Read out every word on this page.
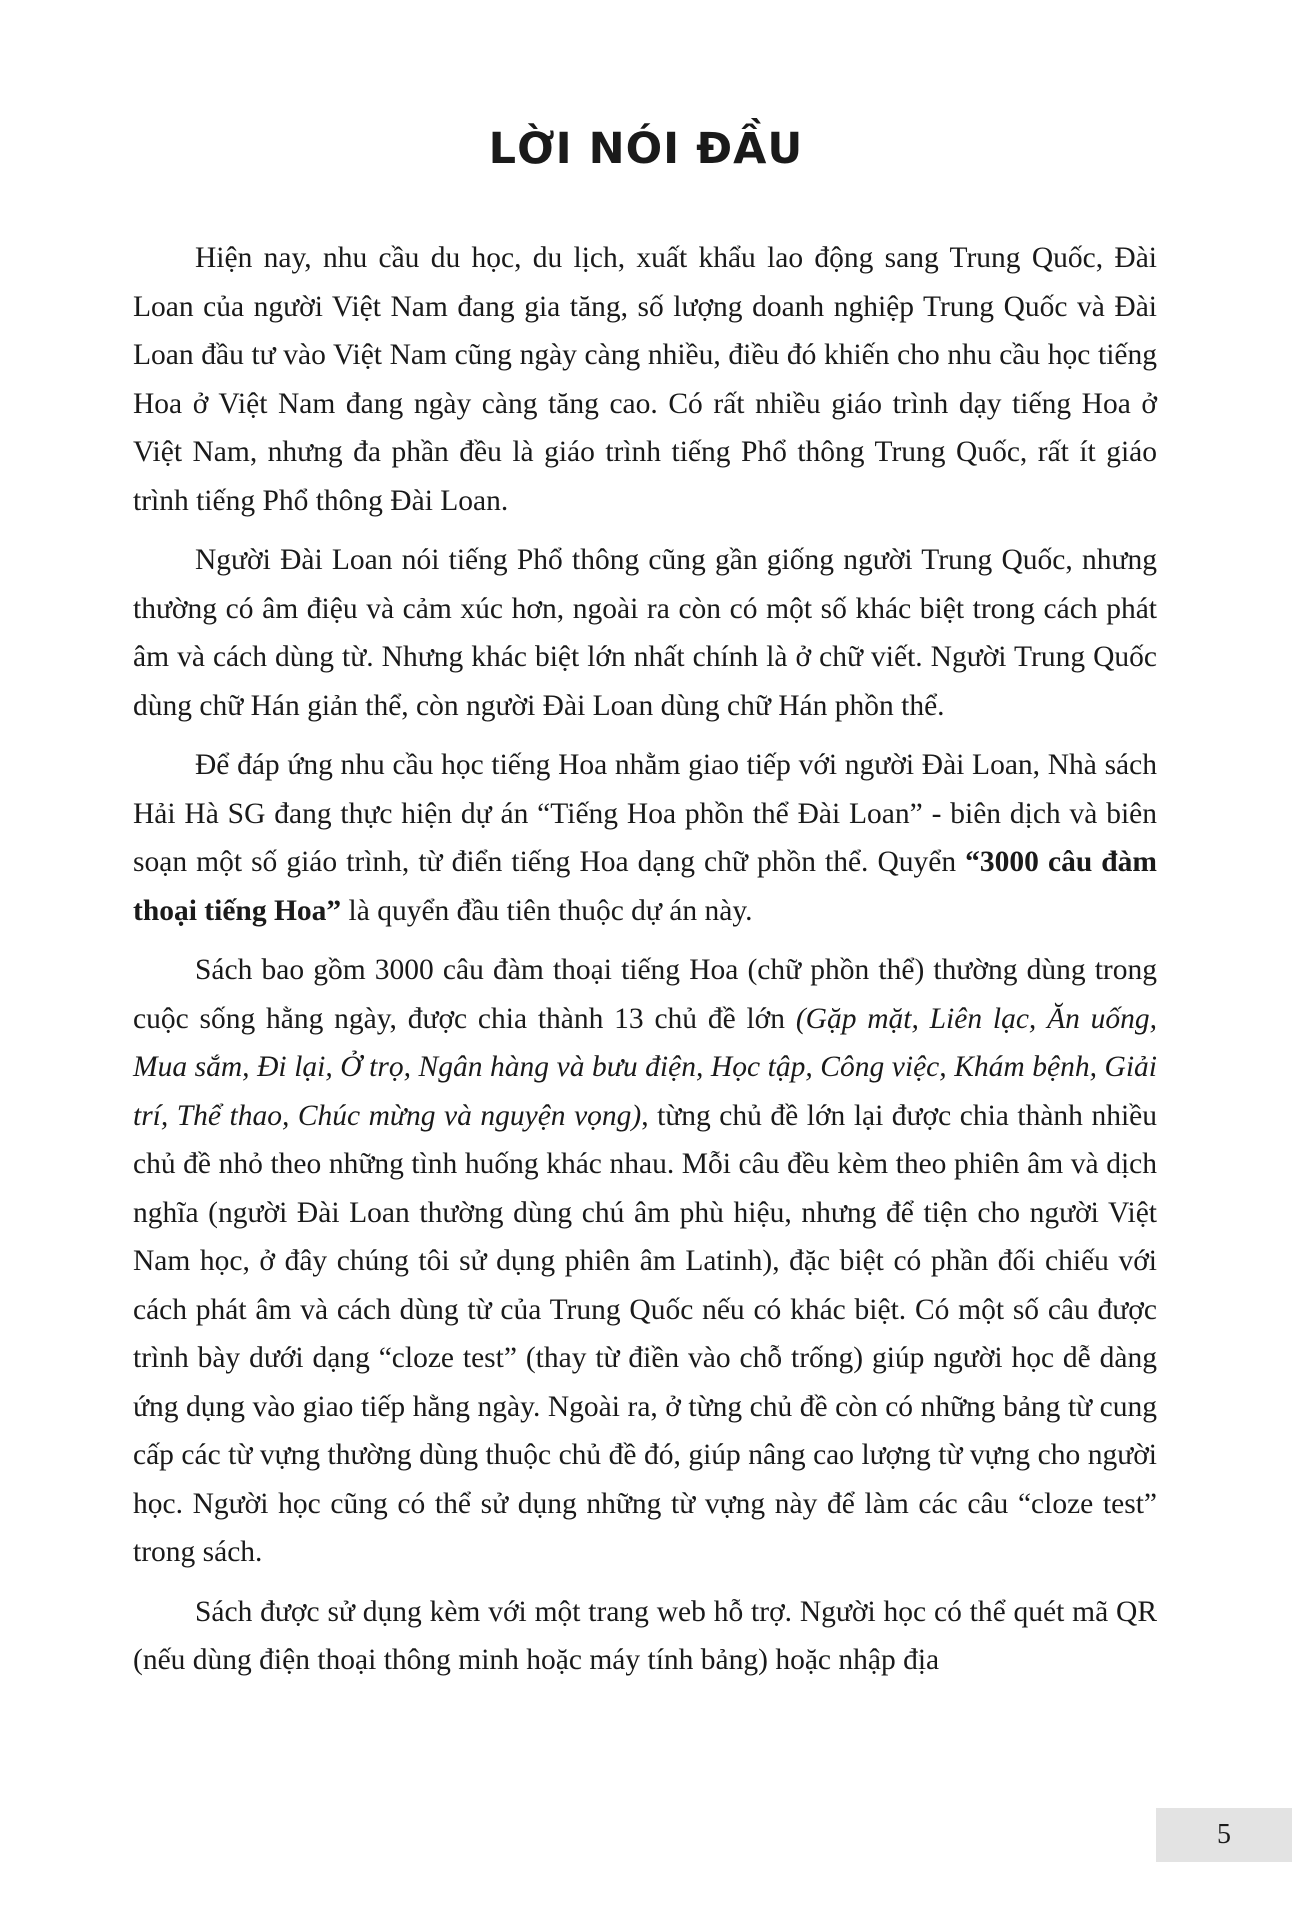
LỜI NÓI ĐẦU

Hiện nay, nhu cầu du học, du lịch, xuất khẩu lao động sang Trung Quốc, Đài Loan của người Việt Nam đang gia tăng, số lượng doanh nghiệp Trung Quốc và Đài Loan đầu tư vào Việt Nam cũng ngày càng nhiều, điều đó khiến cho nhu cầu học tiếng Hoa ở Việt Nam đang ngày càng tăng cao. Có rất nhiều giáo trình dạy tiếng Hoa ở Việt Nam, nhưng đa phần đều là giáo trình tiếng Phổ thông Trung Quốc, rất ít giáo trình tiếng Phổ thông Đài Loan.

Người Đài Loan nói tiếng Phổ thông cũng gần giống người Trung Quốc, nhưng thường có âm điệu và cảm xúc hơn, ngoài ra còn có một số khác biệt trong cách phát âm và cách dùng từ. Nhưng khác biệt lớn nhất chính là ở chữ viết. Người Trung Quốc dùng chữ Hán giản thể, còn người Đài Loan dùng chữ Hán phồn thể.

Để đáp ứng nhu cầu học tiếng Hoa nhằm giao tiếp với người Đài Loan, Nhà sách Hải Hà SG đang thực hiện dự án “Tiếng Hoa phồn thể Đài Loan” - biên dịch và biên soạn một số giáo trình, từ điển tiếng Hoa dạng chữ phồn thể. Quyển “3000 câu đàm thoại tiếng Hoa” là quyển đầu tiên thuộc dự án này.

Sách bao gồm 3000 câu đàm thoại tiếng Hoa (chữ phồn thể) thường dùng trong cuộc sống hằng ngày, được chia thành 13 chủ đề lớn (Gặp mặt, Liên lạc, Ăn uống, Mua sắm, Đi lại, Ở trọ, Ngân hàng và bưu điện, Học tập, Công việc, Khám bệnh, Giải trí, Thể thao, Chúc mừng và nguyện vọng), từng chủ đề lớn lại được chia thành nhiều chủ đề nhỏ theo những tình huống khác nhau. Mỗi câu đều kèm theo phiên âm và dịch nghĩa (người Đài Loan thường dùng chú âm phù hiệu, nhưng để tiện cho người Việt Nam học, ở đây chúng tôi sử dụng phiên âm Latinh), đặc biệt có phần đối chiếu với cách phát âm và cách dùng từ của Trung Quốc nếu có khác biệt. Có một số câu được trình bày dưới dạng “cloze test” (thay từ điền vào chỗ trống) giúp người học dễ dàng ứng dụng vào giao tiếp hằng ngày. Ngoài ra, ở từng chủ đề còn có những bảng từ cung cấp các từ vựng thường dùng thuộc chủ đề đó, giúp nâng cao lượng từ vựng cho người học. Người học cũng có thể sử dụng những từ vựng này để làm các câu “cloze test” trong sách.

Sách được sử dụng kèm với một trang web hỗ trợ. Người học có thể quét mã QR (nếu dùng điện thoại thông minh hoặc máy tính bảng) hoặc nhập địa

5
